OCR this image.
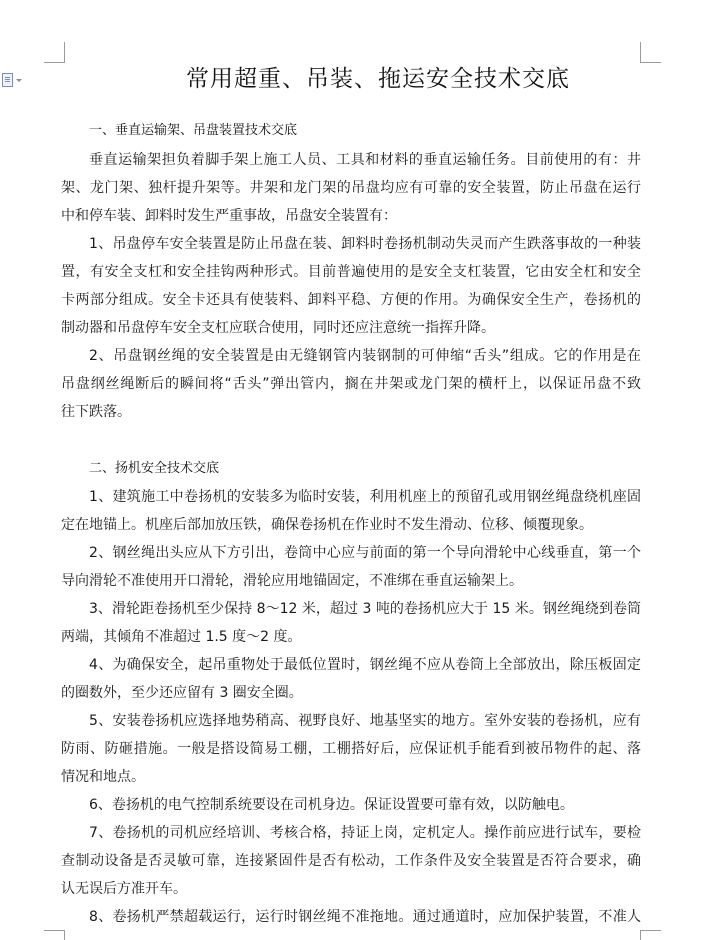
常用超重、吊装、拖运安全技术交底
一、垂直运输架、吊盘装置技术交底
垂直运输架担负着脚手架上施工人员、工具和材料的垂直运输任务。目前使用的有：井
架、龙门架、独杆提升架等。井架和龙门架的吊盘均应有可靠的安全装置，防止吊盘在运行
中和停车装、卸料时发生严重事故，吊盘安全装置有：
1、吊盘停车安全装置是防止吊盘在装、卸料时卷扬机制动失灵而产生跌落事故的一种装
置，有安全支杠和安全挂钩两种形式。目前普遍使用的是安全支杠装置，它由安全杠和安全
卡两部分组成。安全卡还具有使装料、卸料平稳、方便的作用。为确保安全生产，卷扬机的
制动器和吊盘停车安全支杠应联合使用，同时还应注意统一指挥升降。
2、吊盘钢丝绳的安全装置是由无缝钢管内装钢制的可伸缩“舌头”组成。它的作用是在
吊盘纲丝绳断后的瞬间将“舌头”弹出管内，搁在井架或龙门架的横杆上，以保证吊盘不致
往下跌落。
二、扬机安全技术交底
1、建筑施工中卷扬机的安装多为临时安装，利用机座上的预留孔或用钢丝绳盘绕机座固
定在地锚上。机座后部加放压铁，确保卷扬机在作业时不发生滑动、位移、倾覆现象。
2、钢丝绳出头应从下方引出，卷筒中心应与前面的第一个导向滑轮中心线垂直，第一个
导向滑轮不准使用开口滑轮，滑轮应用地锚固定，不准绑在垂直运输架上。
3、滑轮距卷扬机至少保持 8～12 米，超过 3 吨的卷扬机应大于 15 米。钢丝绳绕到卷筒
两端，其倾角不准超过 1.5 度～2 度。
4、为确保安全，起吊重物处于最低位置时，钢丝绳不应从卷筒上全部放出，除压板固定
的圈数外，至少还应留有 3 圈安全圈。
5、安装卷扬机应选择地势稍高、视野良好、地基坚实的地方。室外安装的卷扬机，应有
防雨、防砸措施。一般是搭设简易工棚，工棚搭好后，应保证机手能看到被吊物件的起、落
情况和地点。
6、卷扬机的电气控制系统要设在司机身边。保证设置要可靠有效，以防触电。
7、卷扬机的司机应经培训、考核合格，持证上岗，定机定人。操作前应进行试车，要检
查制动设备是否灵敏可靠，连接紧固件是否有松动，工作条件及安全装置是否符合要求，确
认无误后方准开车。
8、卷扬机严禁超载运行，运行时钢丝绳不准拖地。通过通道时，应加保护装置，不准人
